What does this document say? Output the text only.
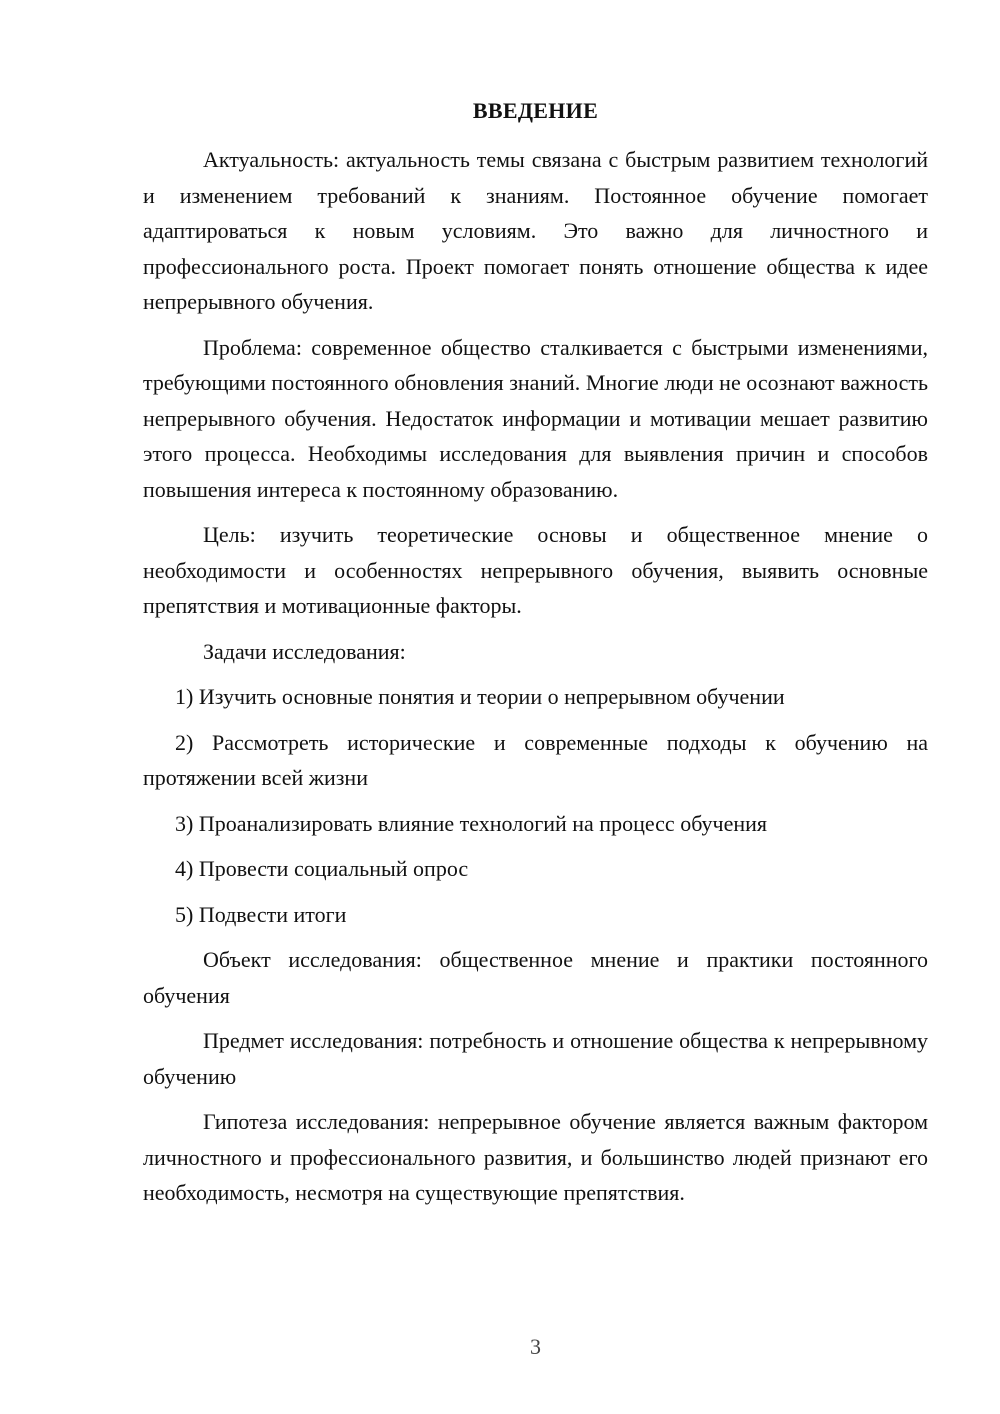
ВВЕДЕНИЕ

Актуальность: актуальность темы связана с быстрым развитием технологий и изменением требований к знаниям. Постоянное обучение помогает адаптироваться к новым условиям. Это важно для личностного и профессионального роста. Проект помогает понять отношение общества к идее непрерывного обучения.

Проблема: современное общество сталкивается с быстрыми изменениями, требующими постоянного обновления знаний. Многие люди не осознают важность непрерывного обучения. Недостаток информации и мотивации мешает развитию этого процесса. Необходимы исследования для выявления причин и способов повышения интереса к постоянному образованию.

Цель: изучить теоретические основы и общественное мнение о необходимости и особенностях непрерывного обучения, выявить основные препятствия и мотивационные факторы.

Задачи исследования:

1) Изучить основные понятия и теории о непрерывном обучении

2) Рассмотреть исторические и современные подходы к обучению на протяжении всей жизни

3) Проанализировать влияние технологий на процесс обучения

4) Провести социальный опрос

5) Подвести итоги

Объект исследования: общественное мнение и практики постоянного обучения

Предмет исследования: потребность и отношение общества к непрерывному обучению

Гипотеза исследования: непрерывное обучение является важным фактором личностного и профессионального развития, и большинство людей признают его необходимость, несмотря на существующие препятствия.

3
